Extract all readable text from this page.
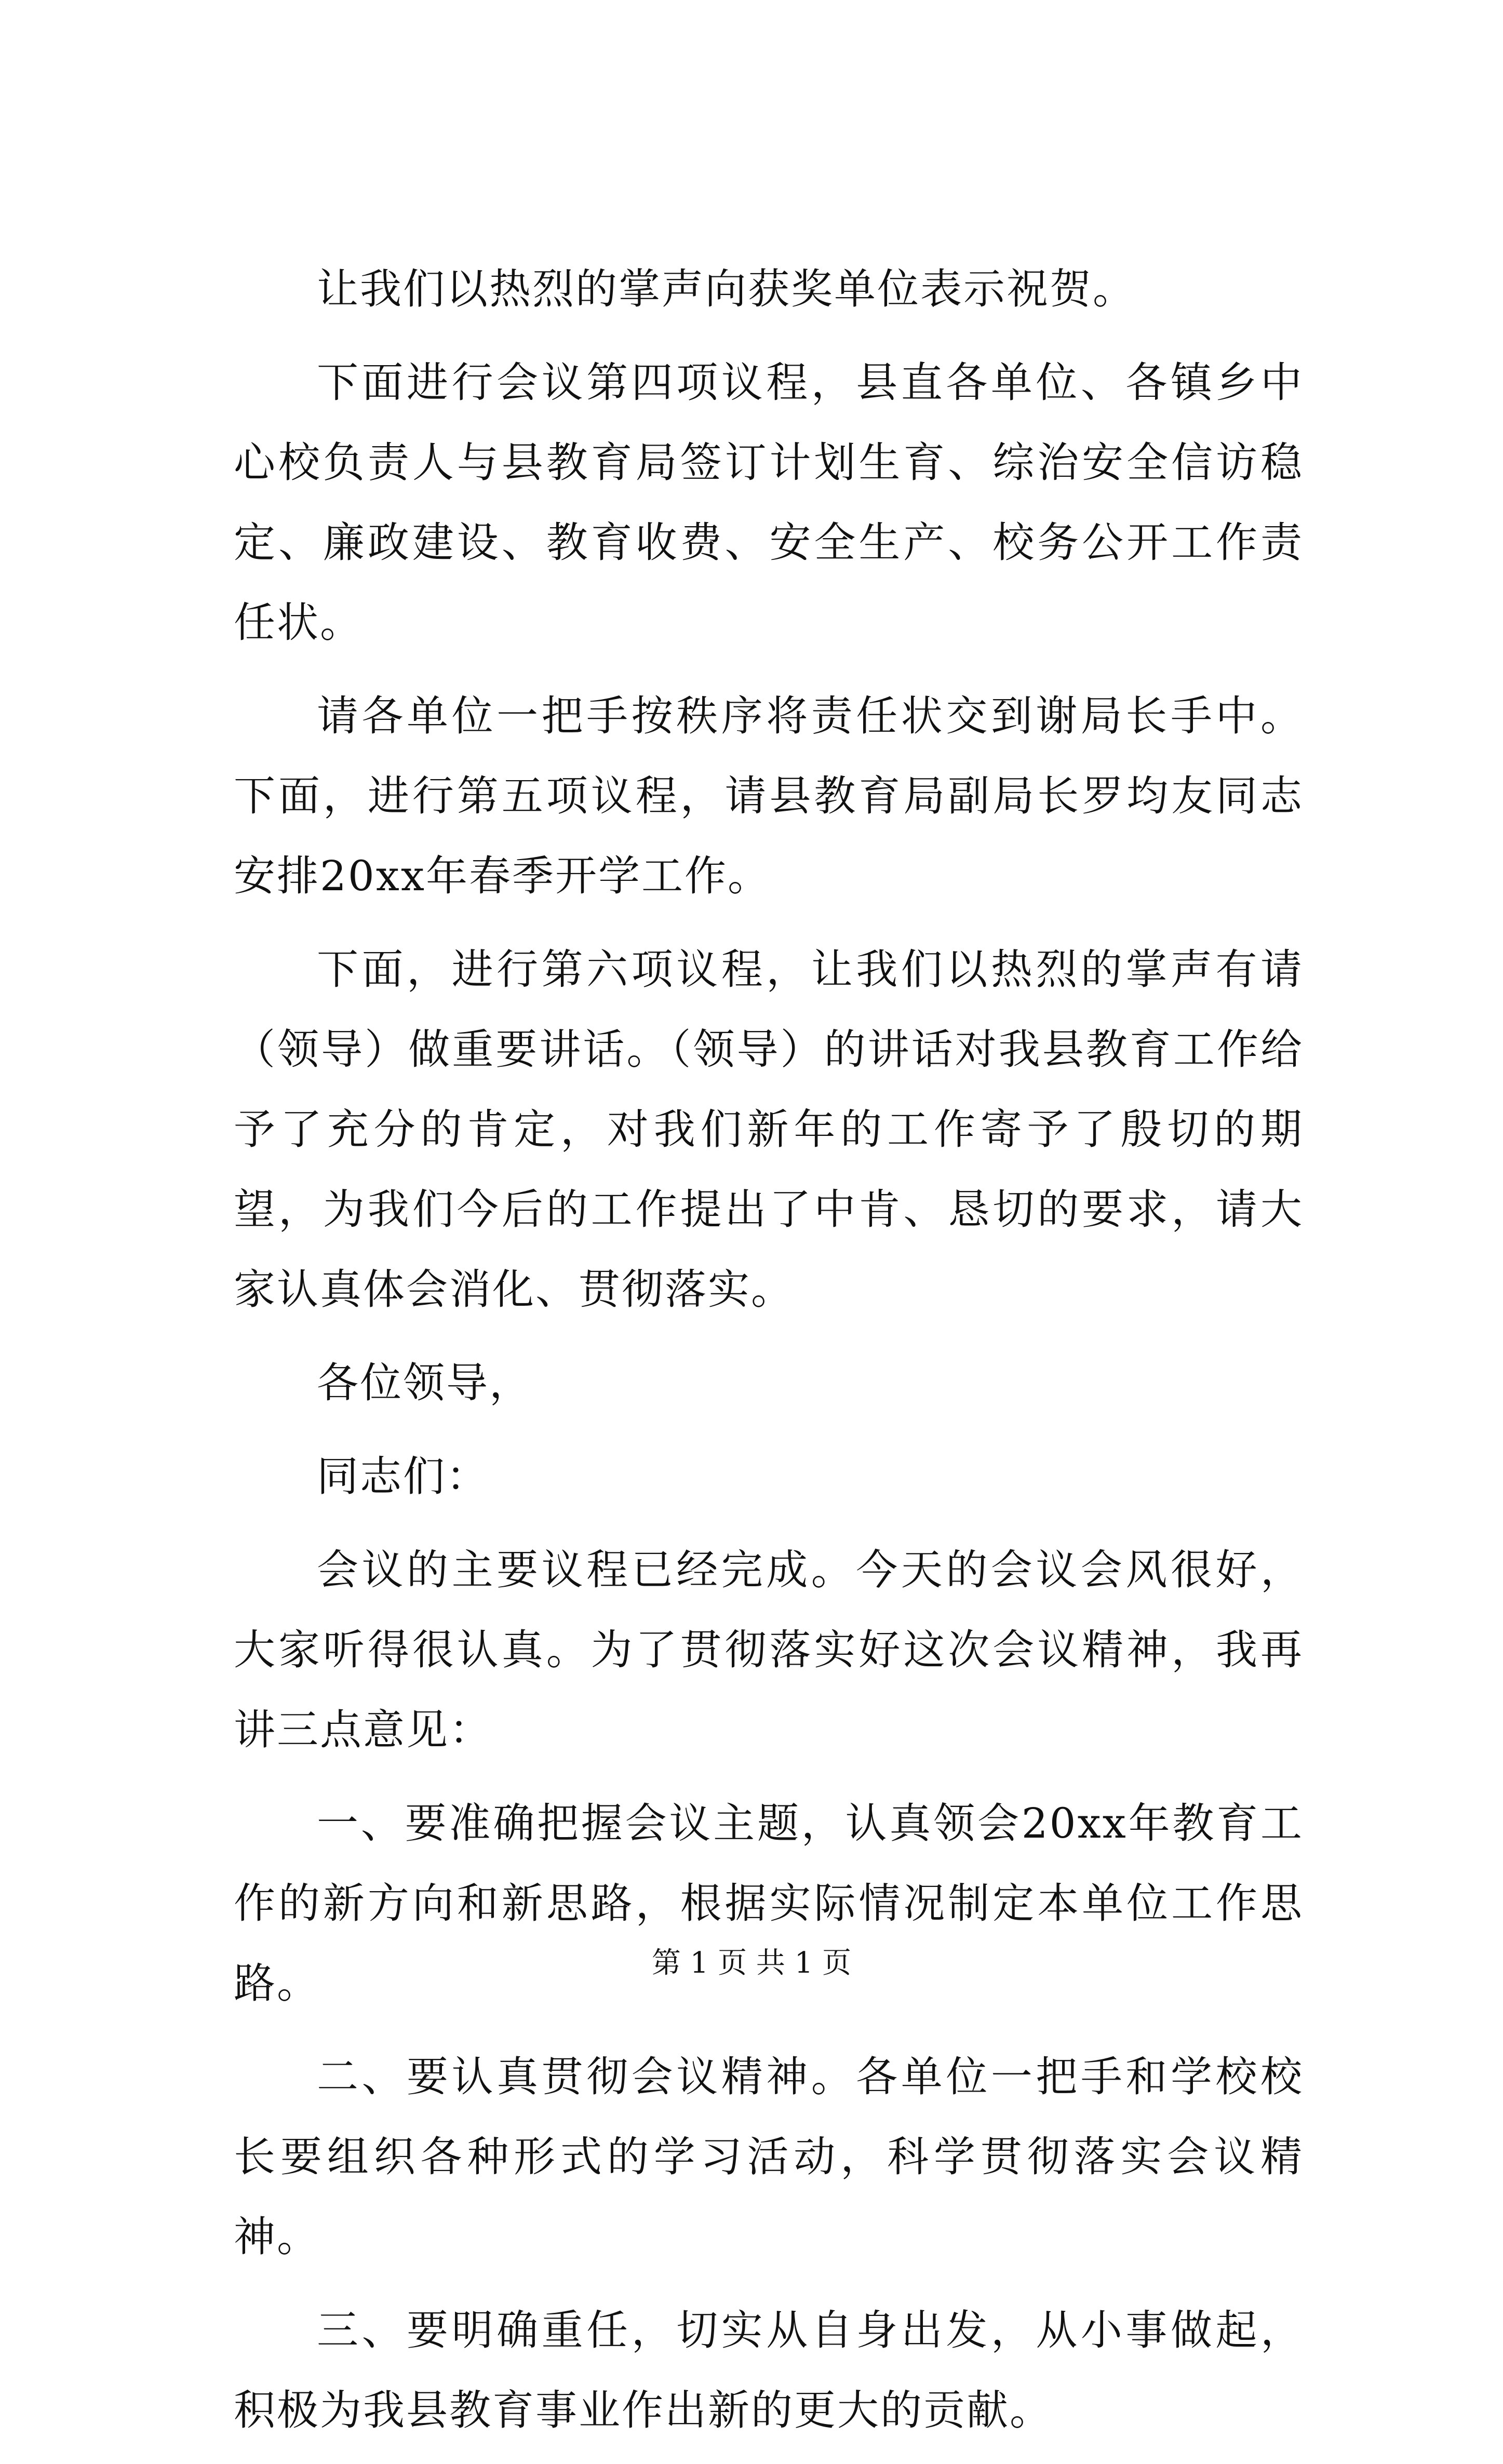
让我们以热烈的掌声向获奖单位表示祝贺。

下面进行会议第四项议程，县直各单位、各镇乡中心校负责人与县教育局签订计划生育、综治安全信访稳定、廉政建设、教育收费、安全生产、校务公开工作责任状。

请各单位一把手按秩序将责任状交到谢局长手中。下面，进行第五项议程，请县教育局副局长罗均友同志安排20xx年春季开学工作。

下面，进行第六项议程，让我们以热烈的掌声有请（领导）做重要讲话。（领导）的讲话对我县教育工作给予了充分的肯定，对我们新年的工作寄予了殷切的期望，为我们今后的工作提出了中肯、恳切的要求，请大家认真体会消化、贯彻落实。

各位领导，

同志们：

会议的主要议程已经完成。今天的会议会风很好，大家听得很认真。为了贯彻落实好这次会议精神，我再讲三点意见：

一、要准确把握会议主题，认真领会20xx年教育工作的新方向和新思路，根据实际情况制定本单位工作思路。

二、要认真贯彻会议精神。各单位一把手和学校校长要组织各种形式的学习活动，科学贯彻落实会议精神。

三、要明确重任，切实从自身出发，从小事做起，积极为我县教育事业作出新的更大的贡献。

第 1 页 共 1 页
